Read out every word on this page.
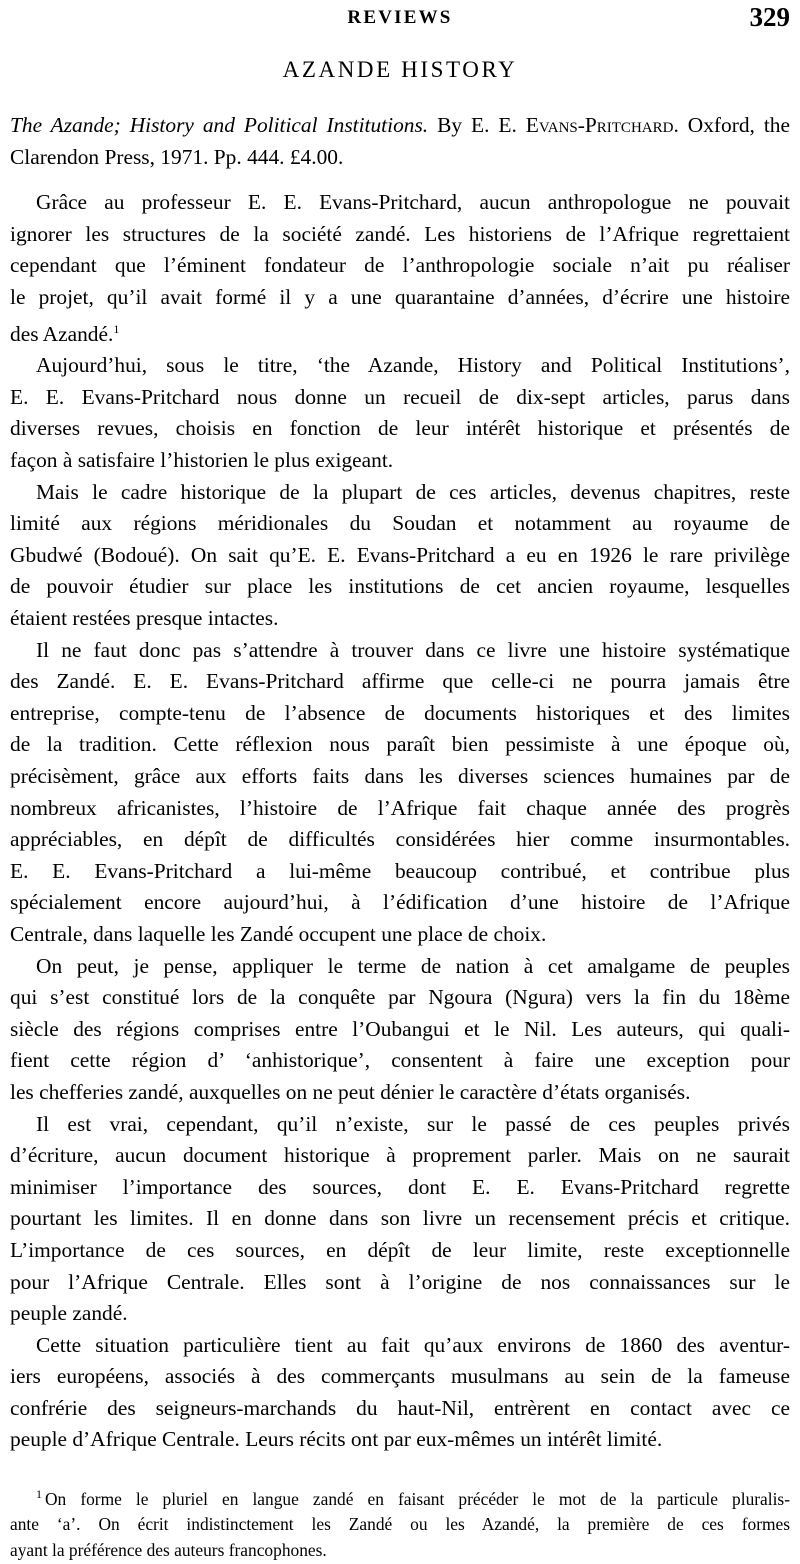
REVIEWS	329
AZANDE HISTORY
The Azande; History and Political Institutions. By E. E. Evans-Pritchard. Oxford, the Clarendon Press, 1971. Pp. 444. £4.00.
Grâce au professeur E. E. Evans-Pritchard, aucun anthropologue ne pouvait
ignorer les structures de la société zandé. Les historiens de l’Afrique regrettaient
cependant que l’éminent fondateur de l’anthropologie sociale n’ait pu réaliser
le projet, qu’il avait formé il y a une quarantaine d’années, d’écrire une histoire
des Azandé.$^1$
Aujourd’hui, sous le titre, ‘the Azande, History and Political Institutions’,
E. E. Evans-Pritchard nous donne un recueil de dix-sept articles, parus dans
diverses revues, choisis en fonction de leur intérêt historique et présentés de
façon à satisfaire l’historien le plus exigeant.
Mais le cadre historique de la plupart de ces articles, devenus chapitres, reste
limité aux régions méridionales du Soudan et notamment au royaume de
Gbudwé (Bodoué). On sait qu’E. E. Evans-Pritchard a eu en 1926 le rare privilège
de pouvoir étudier sur place les institutions de cet ancien royaume, lesquelles
étaient restées presque intactes.
Il ne faut donc pas s’attendre à trouver dans ce livre une histoire systématique
des Zandé. E. E. Evans-Pritchard affirme que celle-ci ne pourra jamais être
entreprise, compte-tenu de l’absence de documents historiques et des limites
de la tradition. Cette réflexion nous paraît bien pessimiste à une époque où,
précisèment, grâce aux efforts faits dans les diverses sciences humaines par de
nombreux africanistes, l’histoire de l’Afrique fait chaque année des progrès
appréciables, en dépît de difficultés considérées hier comme insurmontables.
E. E. Evans-Pritchard a lui-même beaucoup contribué, et contribue plus
spécialement encore aujourd’hui, à l’édification d’une histoire de l’Afrique
Centrale, dans laquelle les Zandé occupent une place de choix.
On peut, je pense, appliquer le terme de nation à cet amalgame de peuples
qui s’est constitué lors de la conquête par Ngoura (Ngura) vers la fin du 18ème
siècle des régions comprises entre l’Oubangui et le Nil. Les auteurs, qui quali-
fient cette région d’ ‘anhistorique’, consentent à faire une exception pour
les chefferies zandé, auxquelles on ne peut dénier le caractère d’états organisés.
Il est vrai, cependant, qu’il n’existe, sur le passé de ces peuples privés
d’écriture, aucun document historique à proprement parler. Mais on ne saurait
minimiser l’importance des sources, dont E. E. Evans-Pritchard regrette
pourtant les limites. Il en donne dans son livre un recensement précis et critique.
L’importance de ces sources, en dépît de leur limite, reste exceptionnelle
pour l’Afrique Centrale. Elles sont à l’origine de nos connaissances sur le
peuple zandé.
Cette situation particulière tient au fait qu’aux environs de 1860 des aventur-
iers européens, associés à des commerçants musulmans au sein de la fameuse
confrérie des seigneurs-marchands du haut-Nil, entrèrent en contact avec ce
peuple d’Afrique Centrale. Leurs récits ont par eux-mêmes un intérêt limité.
$^1$ On forme le pluriel en langue zandé en faisant précéder le mot de la particule pluralis-
ante ‘a’. On écrit indistinctement les Zandé ou les Azandé, la première de ces formes
ayant la préférence des auteurs francophones.
